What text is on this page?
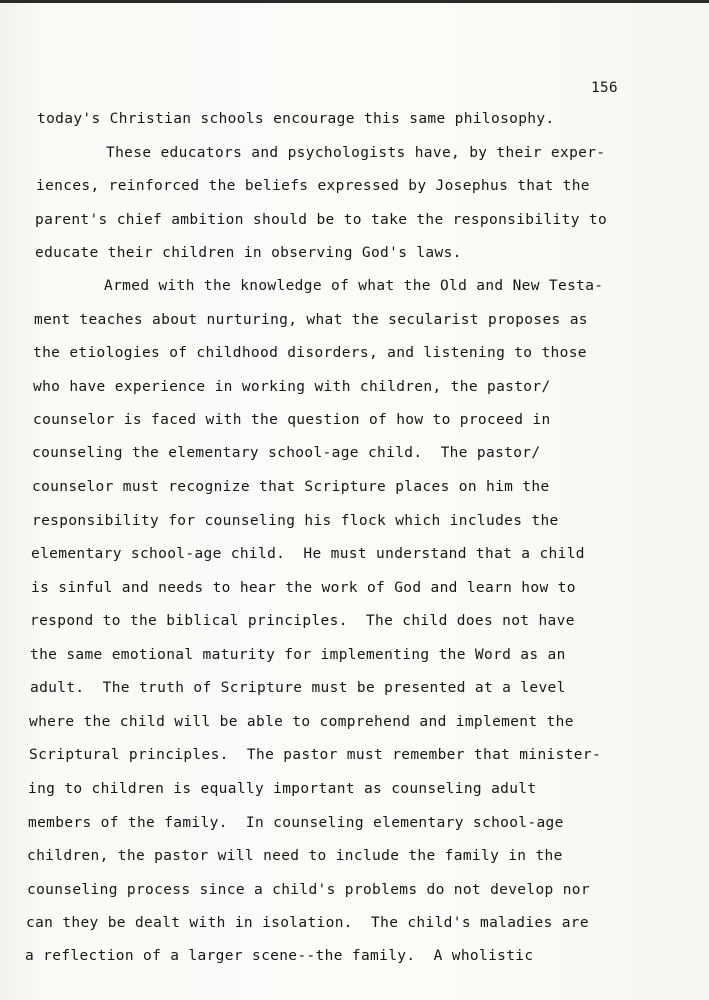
156
today's Christian schools encourage this same philosophy.
These educators and psychologists have, by their exper-
iences, reinforced the beliefs expressed by Josephus that the
parent's chief ambition should be to take the responsibility to
educate their children in observing God's laws.
Armed with the knowledge of what the Old and New Testa-
ment teaches about nurturing, what the secularist proposes as
the etiologies of childhood disorders, and listening to those
who have experience in working with children, the pastor/
counselor is faced with the question of how to proceed in
counseling the elementary school-age child.  The pastor/
counselor must recognize that Scripture places on him the
responsibility for counseling his flock which includes the
elementary school-age child.  He must understand that a child
is sinful and needs to hear the work of God and learn how to
respond to the biblical principles.  The child does not have
the same emotional maturity for implementing the Word as an
adult.  The truth of Scripture must be presented at a level
where the child will be able to comprehend and implement the
Scriptural principles.  The pastor must remember that minister-
ing to children is equally important as counseling adult
members of the family.  In counseling elementary school-age
children, the pastor will need to include the family in the
counseling process since a child's problems do not develop nor
can they be dealt with in isolation.  The child's maladies are
a reflection of a larger scene--the family.  A wholistic
